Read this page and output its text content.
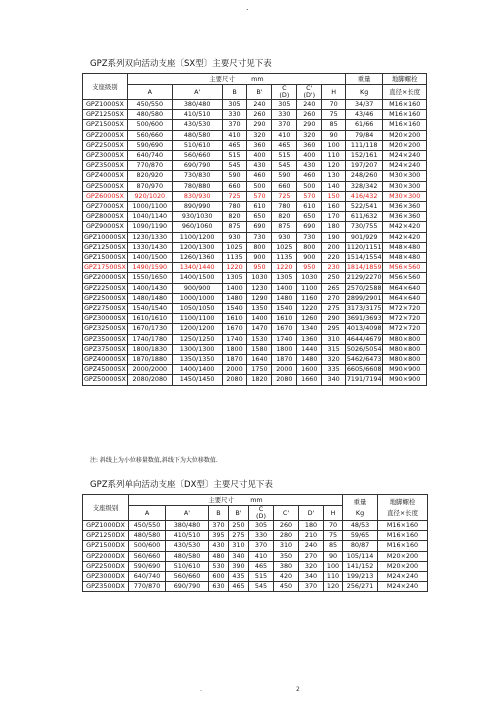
.
GPZ系列双向活动支座〔SX型〕主要尺寸见下表
支座级别	主要尺寸 mm							重量	地脚螺栓
	A	A'	B	B'	C
(D)	C'
(D')	H	Kg	直径×长度
GPZ1000SX	450/550	380/480	305	240	305	240	70	34/37	M16×160
GPZ1250SX	480/580	410/510	330	260	330	260	75	43/46	M16×160
GPZ1500SX	500/600	430/530	370	290	370	290	85	61/66	M16×160
GPZ2000SX	560/660	480/580	410	320	410	320	90	79/84	M20×200
GPZ2500SX	590/690	510/610	465	360	465	360	100	111/118	M20×200
GPZ3000SX	640/740	560/660	515	400	515	400	110	152/161	M24×240
GPZ3500SX	770/870	690/790	545	430	545	430	120	197/207	M24×240
GPZ4000SX	820/920	730/830	590	460	590	460	130	248/260	M30×300
GPZ5000SX	870/970	780/880	660	500	660	500	140	328/342	M30×300
GPZ6000SX	920/1020	830/930	725	570	725	570	150	416/432	M30×300
GPZ7000SX	1000/1100	890/990	780	610	780	610	160	522/541	M36×360
GPZ8000SX	1040/1140	930/1030	820	650	820	650	170	611/632	M36×360
GPZ9000SX	1090/1190	960/1060	875	690	875	690	180	730/755	M42×420
GPZ10000SX	1230/1330	1100/1200	930	730	930	730	190	901/929	M42×420
GPZ12500SX	1330/1430	1200/1300	1025	800	1025	800	200	1120/1151	M48×480
GPZ15000SX	1400/1500	1260/1360	1135	900	1135	900	220	1514/1554	M48×480
GPZ17500SX	1490/1590	1340/1440	1220	950	1220	950	230	1814/1859	M56×560
GPZ20000SX	1550/1650	1400/1500	1305	1030	1305	1030	250	2129/2270	M56×560
GPZ22500SX	1400/1430	900/900	1400	1230	1400	1100	265	2570/2588	M64×640
GPZ25000SX	1480/1480	1000/1000	1480	1290	1480	1160	270	2899/2901	M64×640
GPZ27500SX	1540/1540	1050/1050	1540	1350	1540	1220	275	3173/3175	M72×720
GPZ30000SX	1610/1610	1100/1100	1610	1400	1610	1260	290	3691/3693	M72×720
GPZ32500SX	1670/1730	1200/1200	1670	1470	1670	1340	295	4013/4098	M72×720
GPZ35000SX	1740/1780	1250/1250	1740	1530	1740	1360	310	4644/4679	M80×800
GPZ37500SX	1800/1830	1300/1300	1800	1580	1800	1440	315	5026/5054	M80×800
GPZ40000SX	1870/1880	1350/1350	1870	1640	1870	1480	320	5462/6473	M80×800
GPZ45000SX	2000/2000	1400/1400	2000	1750	2000	1600	335	6605/6608	M90×900
GPZ50000SX	2080/2080	1450/1450	2080	1820	2080	1660	340	7191/7194	M90×900
注: 斜线上为小位移量数值,斜线下为大位移数值.
GPZ系列单向活动支座〔DX型〕主要尺寸见下表
支座级别	主要尺寸 mm								重量
Kg	地脚螺栓
直径×长度
	A	A'	B	B'	C
(D)	C'	D'	H		
GPZ1000DX	450/550	380/480	370	250	305	260	180	70	48/53	M16×160
GPZ1250DX	480/580	410/510	395	275	330	280	210	75	59/65	M16×160
GPZ1500DX	500/600	430/530	430	310	370	310	240	85	80/87	M16×160
GPZ2000DX	560/660	480/580	480	340	410	350	270	90	105/114	M20×200
GPZ2500DX	590/690	510/610	530	390	465	380	320	100	141/152	M20×200
GPZ3000DX	640/740	560/660	600	435	515	420	340	110	199/213	M24×240
GPZ3500DX	770/870	690/790	630	465	545	450	370	120	256/271	M24×240
.	2
